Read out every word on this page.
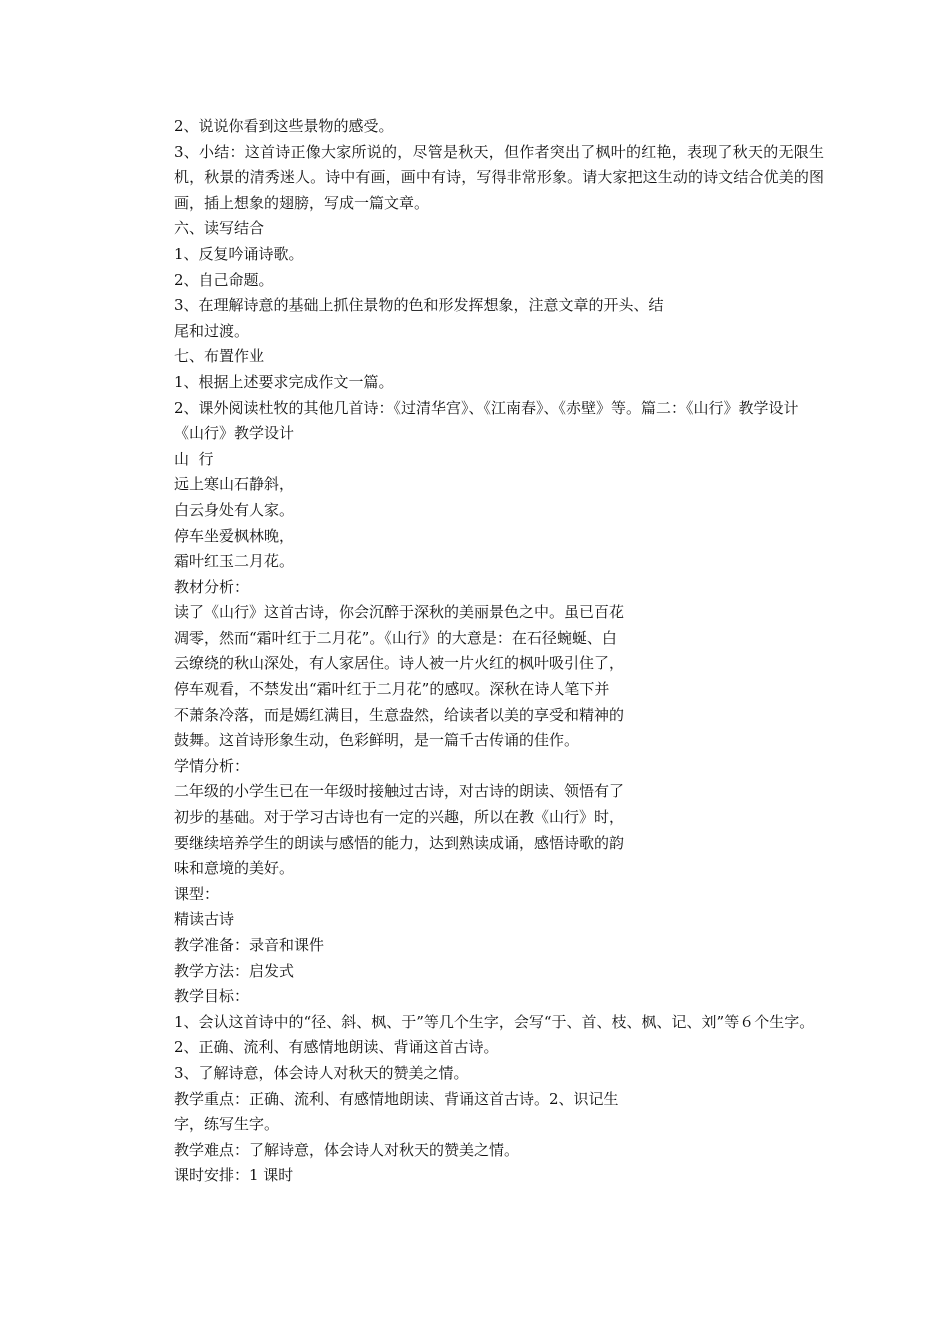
2、说说你看到这些景物的感受。
3、小结：这首诗正像大家所说的，尽管是秋天，但作者突出了枫叶的红艳，表现了秋天的无限生机，秋景的清秀迷人。诗中有画，画中有诗，写得非常形象。请大家把这生动的诗文结合优美的图画，插上想象的翅膀，写成一篇文章。
六、读写结合
1、反复吟诵诗歌。
2、自己命题。
3、在理解诗意的基础上抓住景物的色和形发挥想象，注意文章的开头、结
尾和过渡。
七、布置作业
1、根据上述要求完成作文一篇。
2、课外阅读杜牧的其他几首诗：《过清华宫》、《江南春》、《赤壁》等。篇二：《山行》教学设计
《山行》教学设计
山  行
远上寒山石静斜，
白云身处有人家。
停车坐爱枫林晚，
霜叶红玉二月花。
教材分析：
读了《山行》这首古诗，你会沉醉于深秋的美丽景色之中。虽已百花
凋零，然而“霜叶红于二月花”。《山行》的大意是：在石径蜿蜒、白
云缭绕的秋山深处，有人家居住。诗人被一片火红的枫叶吸引住了，
停车观看，不禁发出“霜叶红于二月花”的感叹。深秋在诗人笔下并
不萧条冷落，而是嫣红满目，生意盎然，给读者以美的享受和精神的
鼓舞。这首诗形象生动，色彩鲜明，是一篇千古传诵的佳作。
学情分析：
二年级的小学生已在一年级时接触过古诗，对古诗的朗读、领悟有了
初步的基础。对于学习古诗也有一定的兴趣，所以在教《山行》时，
要继续培养学生的朗读与感悟的能力，达到熟读成诵，感悟诗歌的韵
味和意境的美好。
课型：
精读古诗
教学准备：录音和课件
教学方法：启发式
教学目标：
1、会认这首诗中的“径、斜、枫、于”等几个生字，会写“于、首、枝、枫、记、刘”等６个生字。
2、正确、流利、有感情地朗读、背诵这首古诗。
3、了解诗意，体会诗人对秋天的赞美之情。
教学重点：正确、流利、有感情地朗读、背诵这首古诗。2、识记生
字，练写生字。
教学难点：了解诗意，体会诗人对秋天的赞美之情。
课时安排：1 课时
